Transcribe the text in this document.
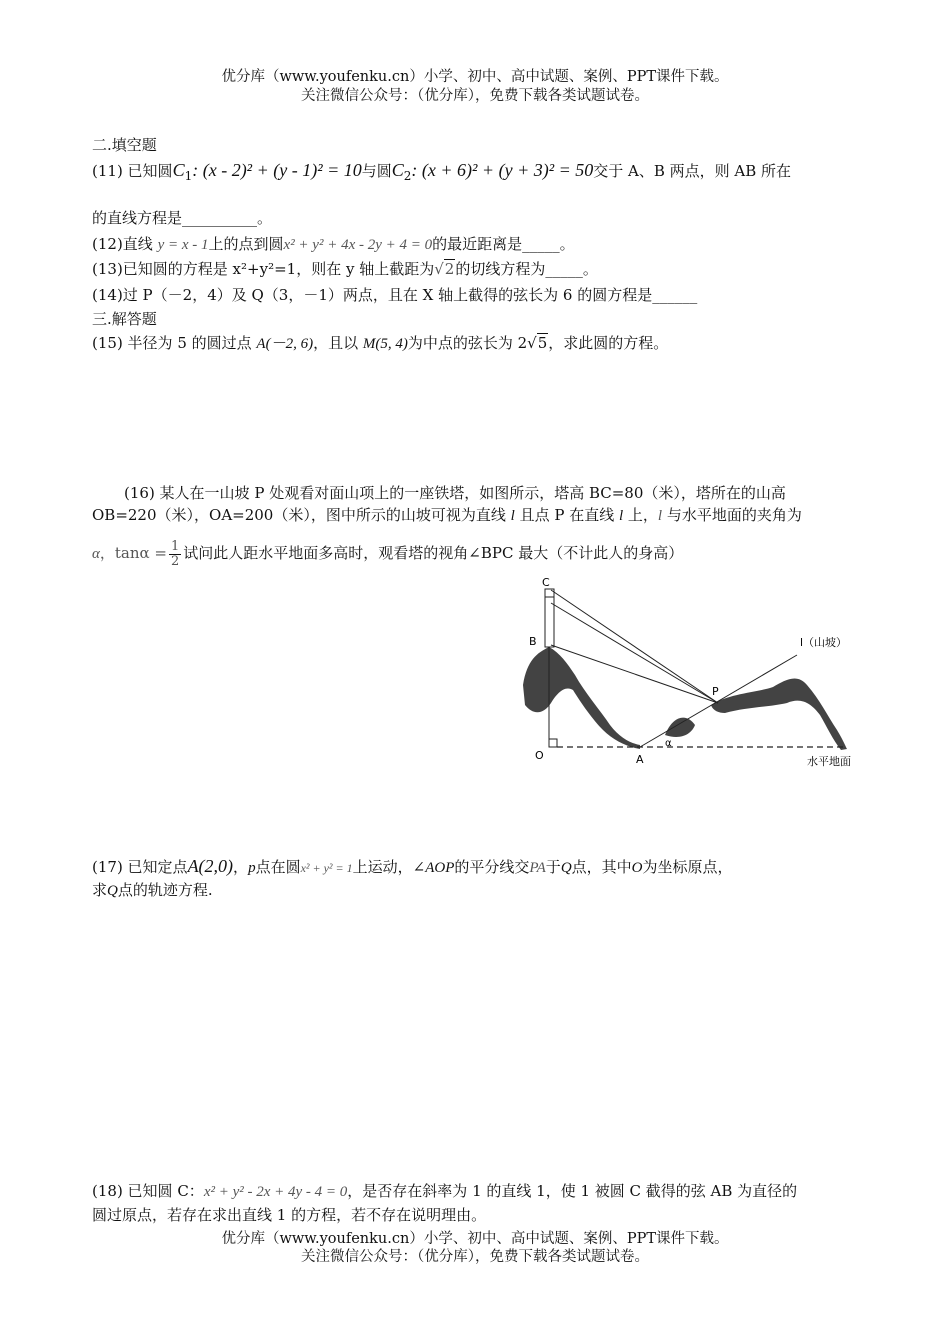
优分库（www.youfenku.cn）小学、初中、高中试题、案例、PPT课件下载。
关注微信公众号：（优分库），免费下载各类试题试卷。
二.填空题
(11) 已知圆$C_1$: (x - 2)² + (y - 1)² = 10与圆$C_2$: (x + 6)² + (y + 3)² = 50交于 A、B 两点，则 AB 所在
的直线方程是__________。
(12)直线 y = x - 1上的点到圆x² + y² + 4x - 2y + 4 = 0的最近距离是_____。
(13)已知圆的方程是 x²+y²=1，则在 y 轴上截距为√2的切线方程为_____。
(14)过 P（－2，4）及 Q（3，－1）两点，且在 X 轴上截得的弦长为 6 的圆方程是______
三.解答题
(15) 半径为 5 的圆过点 A(－2, 6)，且以 M(5, 4)为中点的弦长为 2√5，求此圆的方程。
(16) 某人在一山坡 P 处观看对面山项上的一座铁塔，如图所示，塔高 BC=80（米），塔所在的山高
OB=220（米），OA=200（米），图中所示的山坡可视为直线 l 且点 P 在直线 l 上，l 与水平地面的夹角为
α，$\tan\alpha = \frac{1}{2}$ 试问此人距水平地面多高时，观看塔的视角∠BPC 最大（不计此人的身高）
C
B
P
O	A
α
l（山坡）
水平地面
(17) 已知定点A(2,0)，p点在圆x² + y² = 1上运动，∠AOP的平分线交PA于Q点，其中O为坐标原点，
求Q点的轨迹方程.
(18) 已知圆 C：x² + y² - 2x + 4y - 4 = 0，是否存在斜率为 1 的直线 1，使 1 被圆 C 截得的弦 AB 为直径的
圆过原点，若存在求出直线 1 的方程，若不存在说明理由。
优分库（www.youfenku.cn）小学、初中、高中试题、案例、PPT课件下载。
关注微信公众号：（优分库），免费下载各类试题试卷。
